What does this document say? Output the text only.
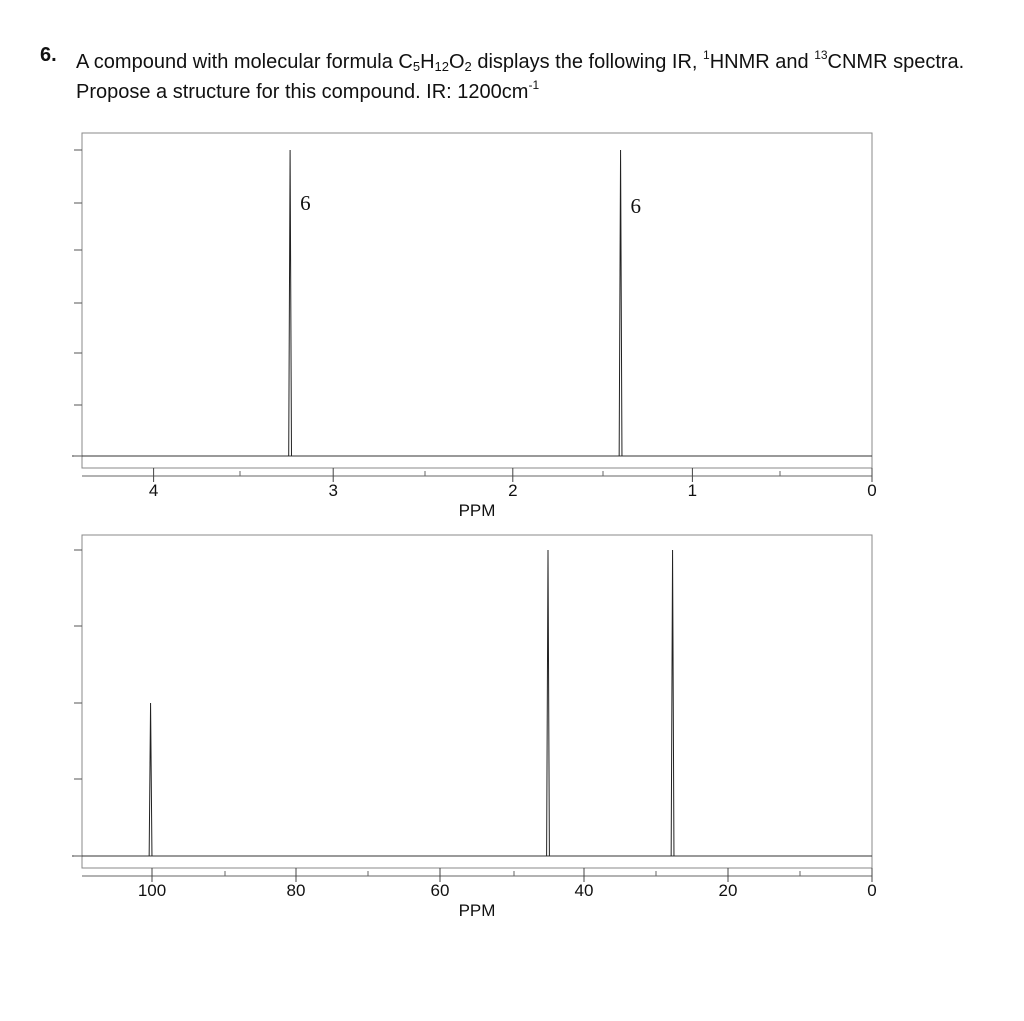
6. A compound with molecular formula $C_5H_{12}O_2$ displays the following IR, $^1$HNMR and $^{13}$CNMR spectra.
Propose a structure for this compound. IR: $1200cm^{-1}$
4	3	2	1	0
PPM
6	6
100	80	60	40	20	0
PPM
